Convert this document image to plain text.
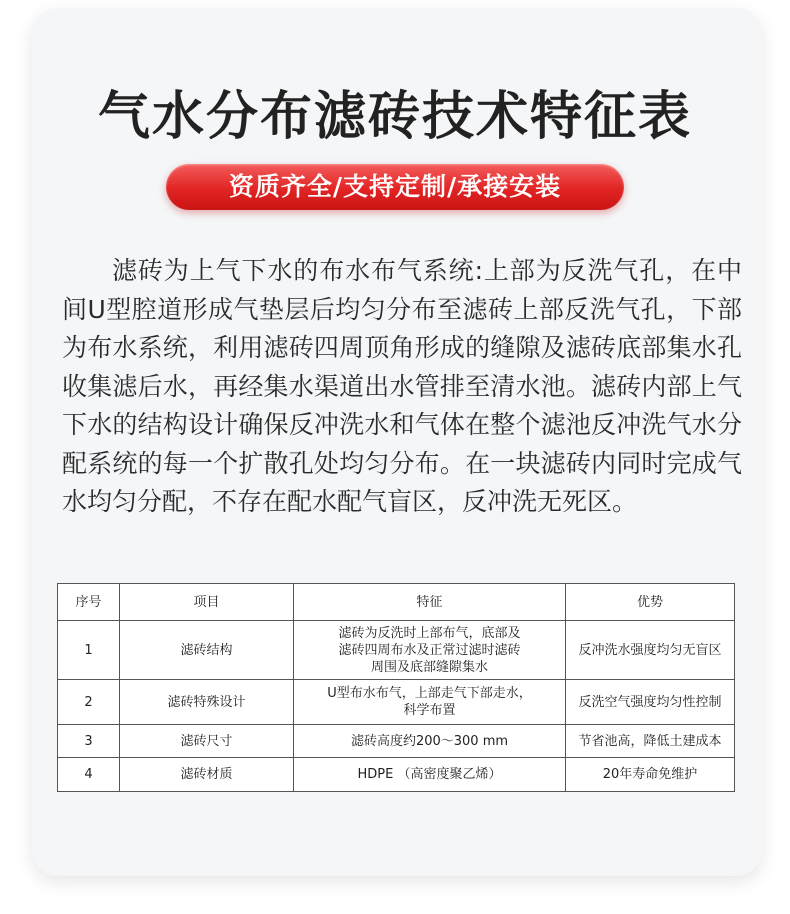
气水分布滤砖技术特征表
资质齐全/支持定制/承接安装
滤砖为上气下水的布水布气系统:上部为反洗气孔，在中间U型腔道形成气垫层后均匀分布至滤砖上部反洗气孔，下部为布水系统，利用滤砖四周顶角形成的缝隙及滤砖底部集水孔收集滤后水，再经集水渠道出水管排至清水池。滤砖内部上气下水的结构设计确保反冲洗水和气体在整个滤池反冲洗气水分配系统的每一个扩散孔处均匀分布。在一块滤砖内同时完成气水均匀分配，不存在配水配气盲区，反冲洗无死区。
序号	项目	特征	优势
1	滤砖结构	滤砖为反洗时上部布气，底部及
滤砖四周布水及正常过滤时滤砖
周围及底部缝隙集水	反冲洗水强度均匀无盲区
2	滤砖特殊设计	U型布水布气，上部走气下部走水，
科学布置	反洗空气强度均匀性控制
3	滤砖尺寸	滤砖高度约200～300 mm	节省池高，降低土建成本
4	滤砖材质	HDPE （高密度聚乙烯）	20年寿命免维护
